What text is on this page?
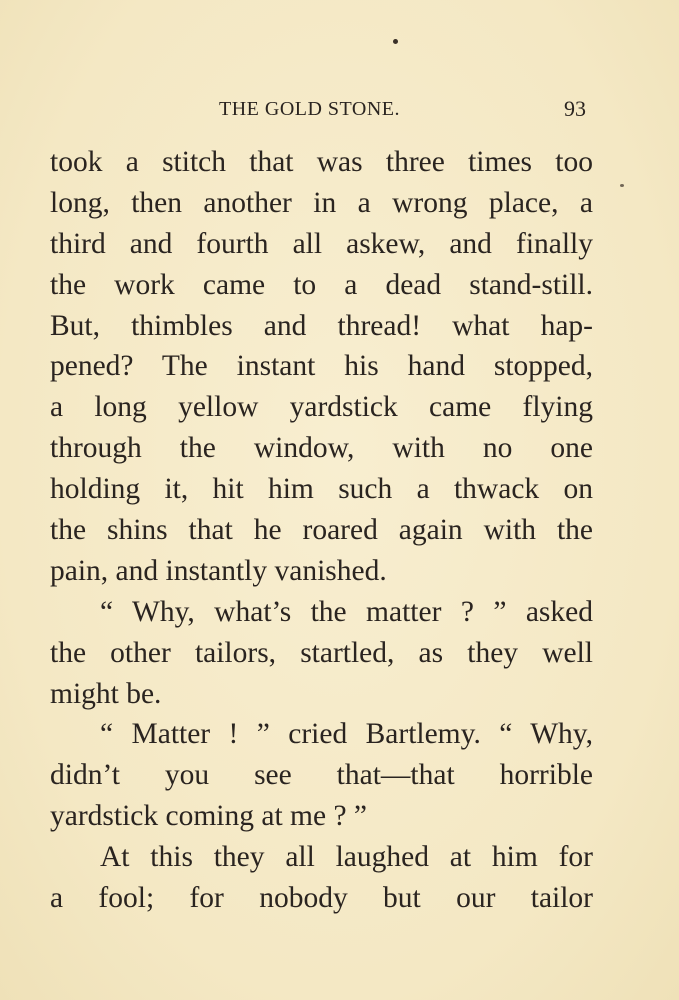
THE GOLD STONE.	93
took a stitch that was three times too
long, then another in a wrong place, a
third and fourth all askew, and finally
the work came to a dead stand-still.
But, thimbles and thread! what hap-
pened? The instant his hand stopped,
a long yellow yardstick came flying
through the window, with no one
holding it, hit him such a thwack on
the shins that he roared again with the
pain, and instantly vanished.
“ Why, what’s the matter ? ” asked
the other tailors, startled, as they well
might be.
“ Matter ! ” cried Bartlemy. “ Why,
didn’t you see that—that horrible
yardstick coming at me ? ”
At this they all laughed at him for
a fool; for nobody but our tailor
